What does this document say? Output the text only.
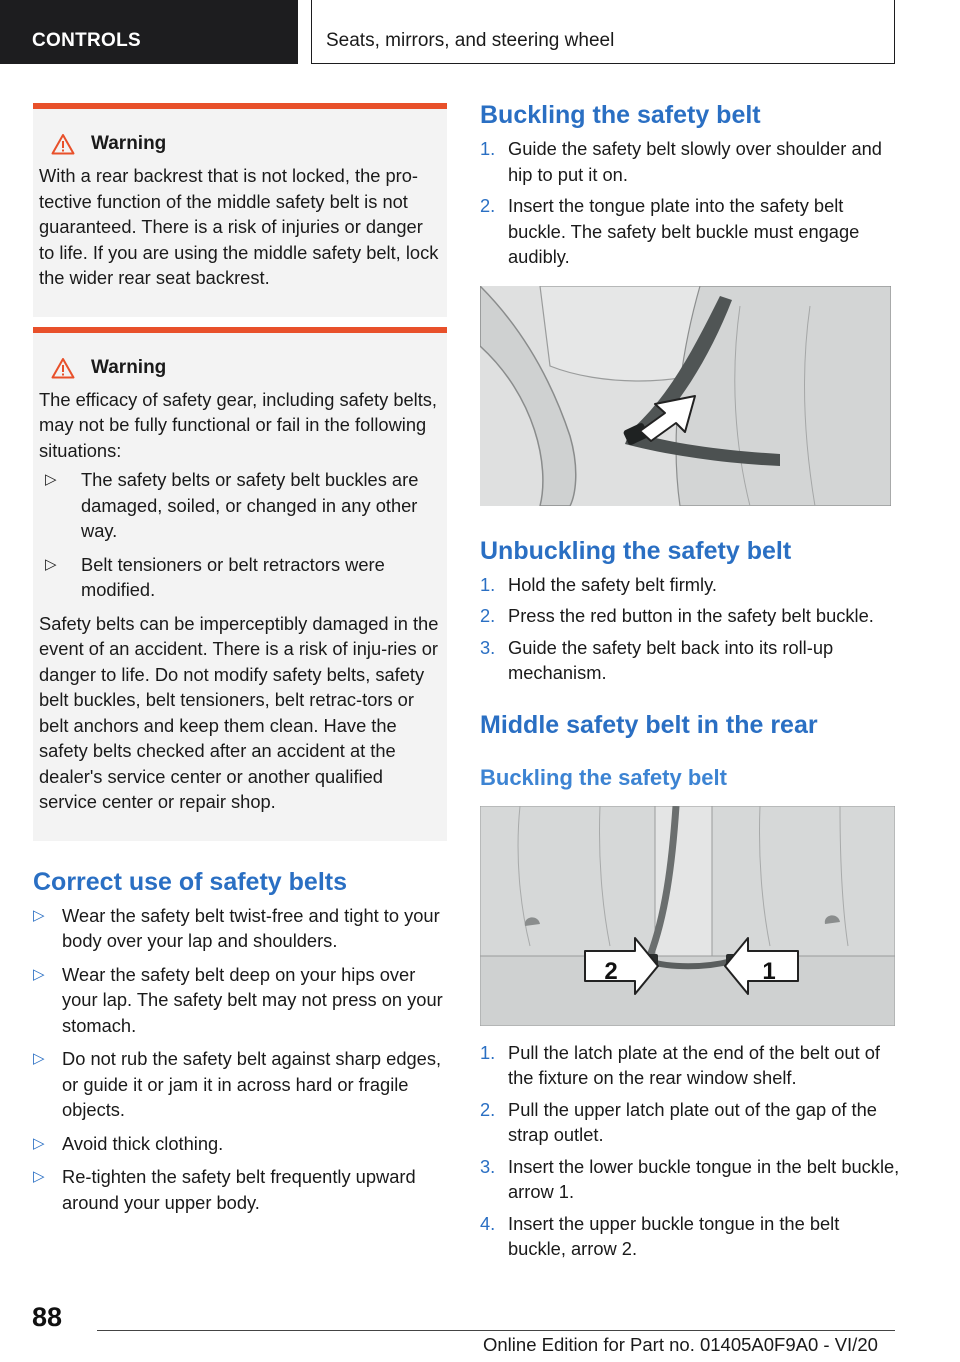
CONTROLS	Seats, mirrors, and steering wheel
Warning

With a rear backrest that is not locked, the pro-tective function of the middle safety belt is not guaranteed. There is a risk of injuries or danger to life. If you are using the middle safety belt, lock the wider rear seat backrest.

Warning

The efficacy of safety gear, including safety belts, may not be fully functional or fail in the following situations:

▷ The safety belts or safety belt buckles are damaged, soiled, or changed in any other way.
▷ Belt tensioners or belt retractors were modified.

Safety belts can be imperceptibly damaged in the event of an accident. There is a risk of inju-ries or danger to life. Do not modify safety belts, safety belt buckles, belt tensioners, belt retrac-tors or belt anchors and keep them clean. Have the safety belts checked after an accident at the dealer's service center or another qualified service center or repair shop.

Correct use of safety belts
▷ Wear the safety belt twist-free and tight to your body over your lap and shoulders.
▷ Wear the safety belt deep on your hips over your lap. The safety belt may not press on your stomach.
▷ Do not rub the safety belt against sharp edges, or guide it or jam it in across hard or fragile objects.
▷ Avoid thick clothing.
▷ Re-tighten the safety belt frequently upward around your upper body.
Buckling the safety belt
1. Guide the safety belt slowly over shoulder and hip to put it on.
2. Insert the tongue plate into the safety belt buckle. The safety belt buckle must engage audibly.
Unbuckling the safety belt
1. Hold the safety belt firmly.
2. Press the red button in the safety belt buckle.
3. Guide the safety belt back into its roll-up mechanism.
Middle safety belt in the rear
Buckling the safety belt
2	1
1. Pull the latch plate at the end of the belt out of the fixture on the rear window shelf.
2. Pull the upper latch plate out of the gap of the strap outlet.
3. Insert the lower buckle tongue in the belt buckle, arrow 1.
4. Insert the upper buckle tongue in the belt buckle, arrow 2.
88
Online Edition for Part no. 01405A0F9A0 - VI/20
